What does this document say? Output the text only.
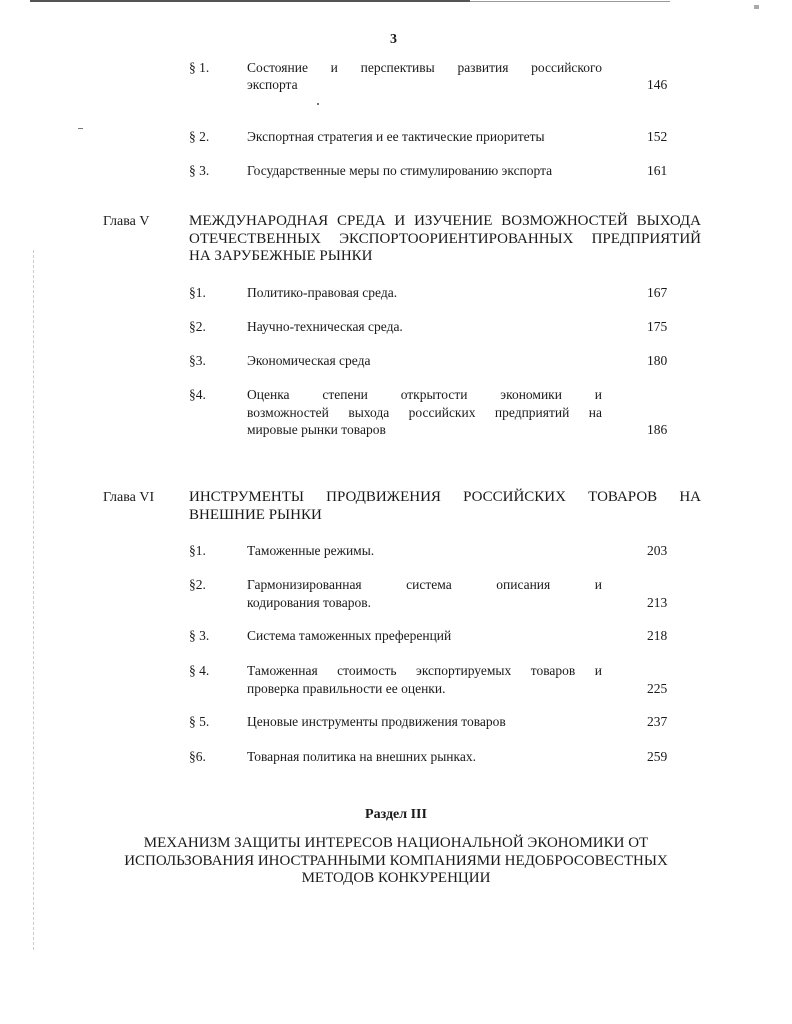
3
§ 1.	Состояние и перспективы развития российского
экспорта	146
§ 2.	Экспортная стратегия и ее тактические приоритеты	152
§ 3.	Государственные меры по стимулированию экспорта	161
Глава V	МЕЖДУНАРОДНАЯ СРЕДА И ИЗУЧЕНИЕ ВОЗМОЖНОСТЕЙ ВЫХОДА
ОТЕЧЕСТВЕННЫХ ЭКСПОРТООРИЕНТИРОВАННЫХ ПРЕДПРИЯТИЙ
НА ЗАРУБЕЖНЫЕ РЫНКИ
§1.	Политико-правовая среда.	167
§2.	Научно-техническая среда.	175
§3.	Экономическая среда	180
§4.	Оценка степени открытости экономики и
возможностей выхода российских предприятий на
мировые рынки товаров	186
Глава VI ИНСТРУМЕНТЫ ПРОДВИЖЕНИЯ РОССИЙСКИХ ТОВАРОВ НА
ВНЕШНИЕ РЫНКИ
§1.	Таможенные режимы.	203
§2.	Гармонизированная система описания и
кодирования товаров.	213
§ 3.	Система таможенных преференций	218
§ 4.	Таможенная стоимость экспортируемых товаров и
проверка правильности ее оценки.	225
§ 5.	Ценовые инструменты продвижения товаров	237
§6.	Товарная политика на внешних рынках.	259
Раздел III
МЕХАНИЗМ ЗАЩИТЫ ИНТЕРЕСОВ НАЦИОНАЛЬНОЙ ЭКОНОМИКИ ОТ
ИСПОЛЬЗОВАНИЯ ИНОСТРАННЫМИ КОМПАНИЯМИ НЕДОБРОСОВЕСТНЫХ
МЕТОДОВ КОНКУРЕНЦИИ
